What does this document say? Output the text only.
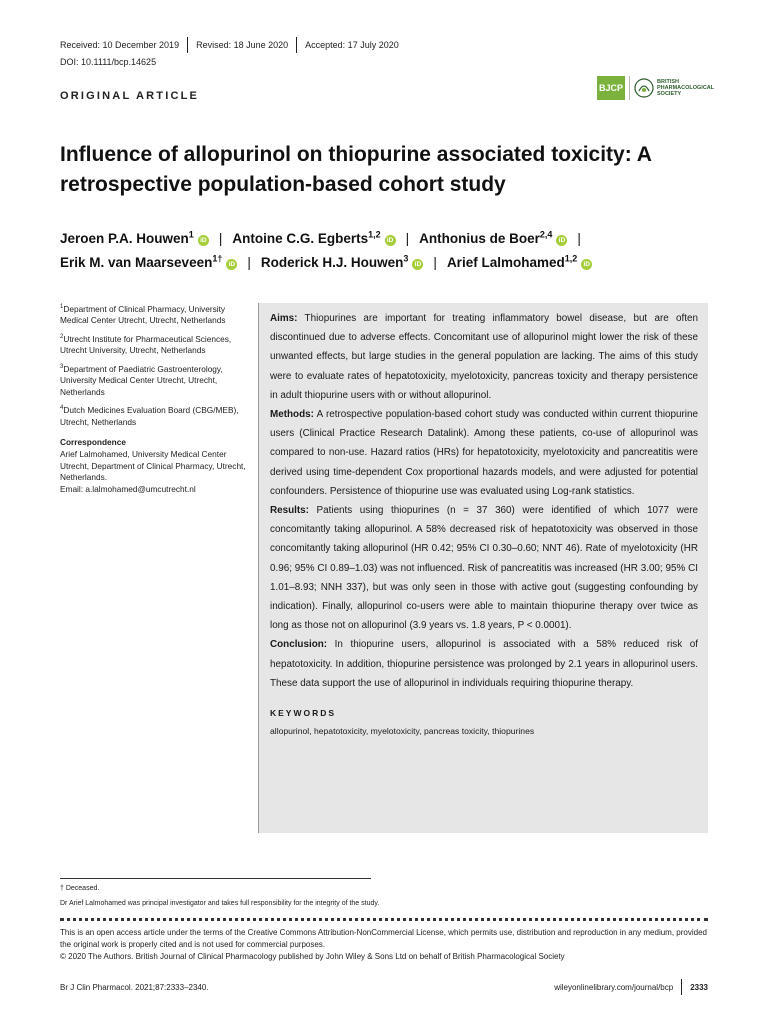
Received: 10 December 2019 Revised: 18 June 2020 Accepted: 17 July 2020
DOI: 10.1111/bcp.14625
ORIGINAL ARTICLE
BJCP
BRITISH
PHARMACOLOGICAL
SOCIETY
Influence of allopurinol on thiopurine associated toxicity: A retrospective population-based cohort study
Jeroen P.A. Houwen$^1$iD | Antoine C.G. Egberts$^{1,2}$iD | Anthonius de Boer$^{2,4}$iD |
Erik M. van Maarseveen$^{1\dagger}$iD | Roderick H.J. Houwen$^3$iD | Arief Lalmohamed$^{1,2}$iD

$^1$Department of Clinical Pharmacy, University Medical Center Utrecht, Utrecht, Netherlands

$^2$Utrecht Institute for Pharmaceutical Sciences, Utrecht University, Utrecht, Netherlands

$^3$Department of Paediatric Gastroenterology, University Medical Center Utrecht, Utrecht, Netherlands

$^4$Dutch Medicines Evaluation Board (CBG/MEB), Utrecht, Netherlands

Correspondence
Arief Lalmohamed, University Medical Center Utrecht, Department of Clinical Pharmacy, Utrecht, Netherlands.
Email: a.lalmohamed@umcutrecht.nl
Aims: Thiopurines are important for treating inflammatory bowel disease, but are often discontinued due to adverse effects. Concomitant use of allopurinol might lower the risk of these unwanted effects, but large studies in the general population are lacking. The aims of this study were to evaluate rates of hepatotoxicity, myelotoxicity, pancreas toxicity and therapy persistence in adult thiopurine users with or without allopurinol.
Methods: A retrospective population-based cohort study was conducted within current thiopurine users (Clinical Practice Research Datalink). Among these patients, co-use of allopurinol was compared to non-use. Hazard ratios (HRs) for hepatotoxicity, myelotoxicity and pancreatitis were derived using time-dependent Cox proportional hazards models, and were adjusted for potential confounders. Persistence of thiopurine use was evaluated using Log-rank statistics.
Results: Patients using thiopurines (n = 37 360) were identified of which 1077 were concomitantly taking allopurinol. A 58% decreased risk of hepatotoxicity was observed in those concomitantly taking allopurinol (HR 0.42; 95% CI 0.30–0.60; NNT 46). Rate of myelotoxicity (HR 0.96; 95% CI 0.89–1.03) was not influenced. Risk of pancreatitis was increased (HR 3.00; 95% CI 1.01–8.93; NNH 337), but was only seen in those with active gout (suggesting confounding by indication). Finally, allopurinol co-users were able to maintain thiopurine therapy over twice as long as those not on allopurinol (3.9 years vs. 1.8 years, P < 0.0001).
Conclusion: In thiopurine users, allopurinol is associated with a 58% reduced risk of hepatotoxicity. In addition, thiopurine persistence was prolonged by 2.1 years in allopurinol users. These data support the use of allopurinol in individuals requiring thiopurine therapy.
KEYWORDS
allopurinol, hepatotoxicity, myelotoxicity, pancreas toxicity, thiopurines
† Deceased.
Dr Arief Lalmohamed was principal investigator and takes full responsibility for the integrity of the study.
This is an open access article under the terms of the Creative Commons Attribution-NonCommercial License, which permits use, distribution and reproduction in any medium, provided the original work is properly cited and is not used for commercial purposes.
© 2020 The Authors. British Journal of Clinical Pharmacology published by John Wiley & Sons Ltd on behalf of British Pharmacological Society
Br J Clin Pharmacol. 2021;87:2333–2340.	wileyonlinelibrary.com/journal/bcp 2333
